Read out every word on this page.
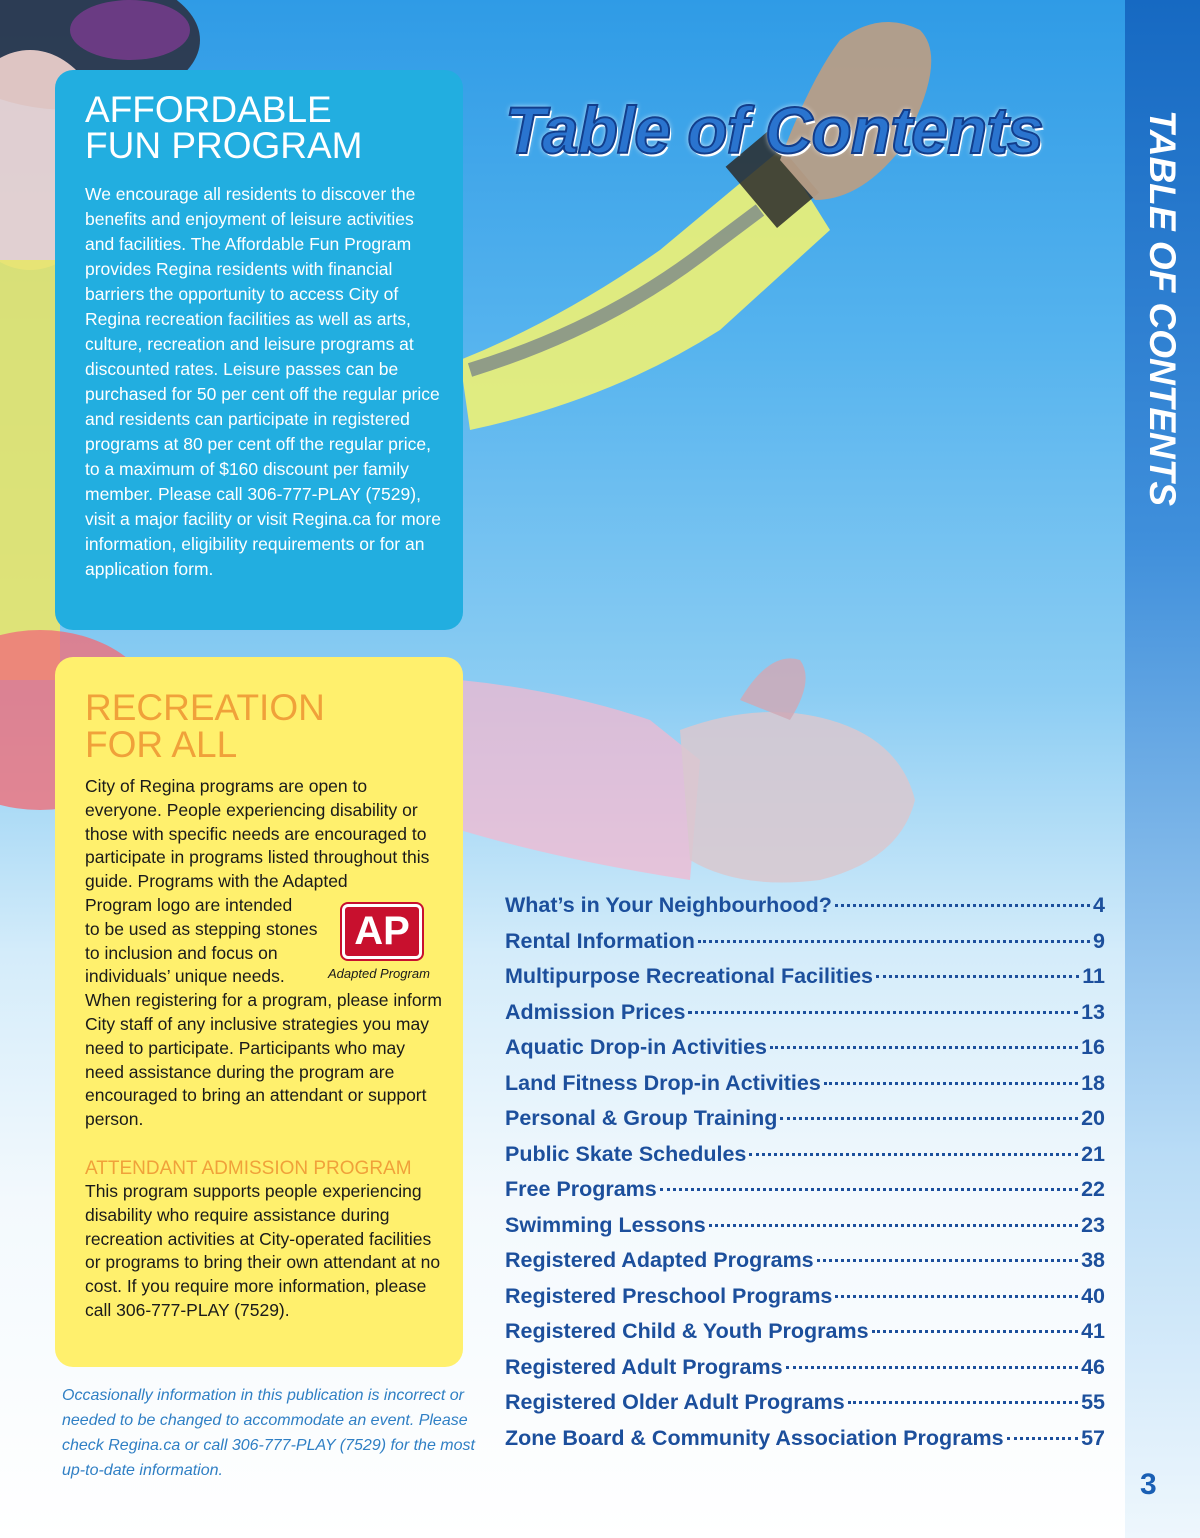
TABLE OF CONTENTS
3
Table of Contents
AFFORDABLE
FUN PROGRAM

We encourage all residents to discover the benefits and enjoyment of leisure activities and facilities. The Affordable Fun Program provides Regina residents with financial barriers the opportunity to access City of Regina recreation facilities as well as arts, culture, recreation and leisure programs at discounted rates. Leisure passes can be purchased for 50 per cent off the regular price and residents can participate in registered programs at 80 per cent off the regular price, to a maximum of $160 discount per family member. Please call 306-777-PLAY (7529), visit a major facility or visit Regina.ca for more information, eligibility requirements or for an application form.

RECREATION
FOR ALL

City of Regina programs are open to everyone. People experiencing disability or those with specific needs are encouraged to participate in programs listed throughout this guide. Programs with the Adapted

Program logo are intended

to be used as stepping stones

to inclusion and focus on

individuals’ unique needs.

When registering for a program, please inform City staff of any inclusive strategies you may need to participate. Participants who may need assistance during the program are encouraged to bring an attendant or support person.

ATTENDANT ADMISSION PROGRAM

This program supports people experiencing disability who require assistance during recreation activities at City-operated facilities or programs to bring their own attendant at no cost. If you require more information, please call 306-777-PLAY (7529).

AP
Adapted Program
Occasionally information in this publication is incorrect or needed to be changed to accommodate an event. Please check Regina.ca or call 306-777-PLAY (7529) for the most up-to-date information.
What’s in Your Neighbourhood?	4
Rental Information	9
Multipurpose Recreational Facilities	11
Admission Prices	13
Aquatic Drop-in Activities	16
Land Fitness Drop-in Activities	18
Personal & Group Training	20
Public Skate Schedules	21
Free Programs	22
Swimming Lessons	23
Registered Adapted Programs	38
Registered Preschool Programs	40
Registered Child & Youth Programs	41
Registered Adult Programs	46
Registered Older Adult Programs	55
Zone Board & Community Association Programs	57
